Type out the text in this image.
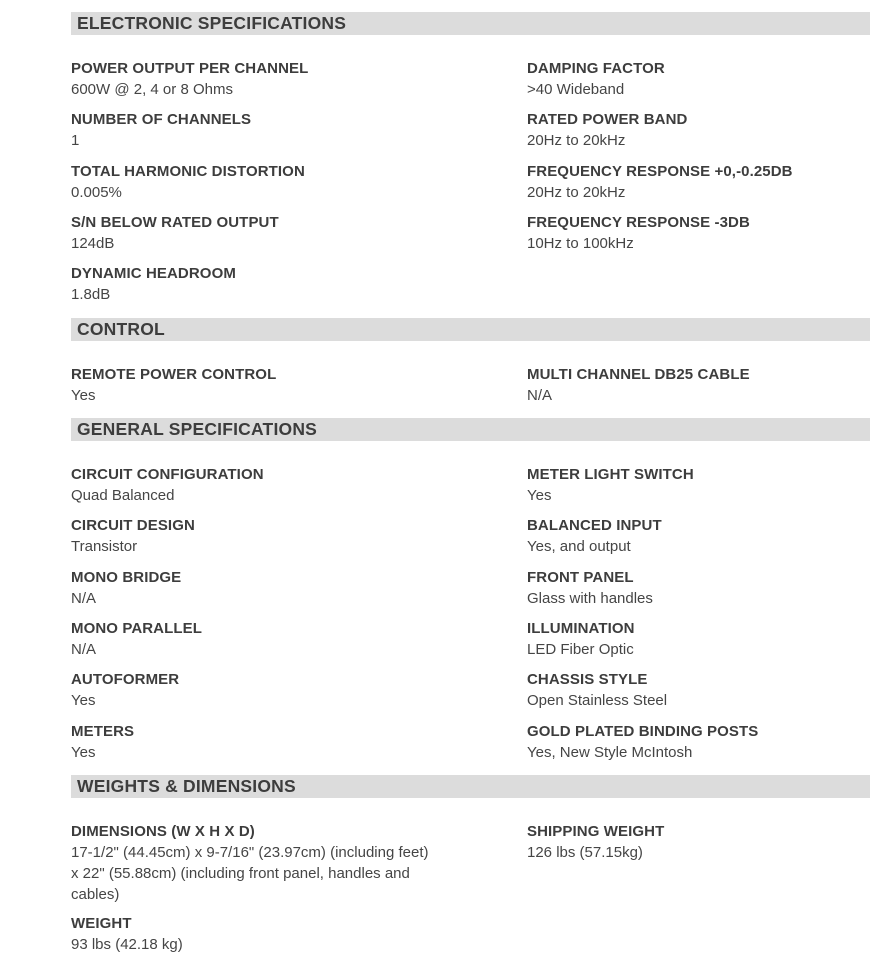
ELECTRONIC SPECIFICATIONS
POWER OUTPUT PER CHANNEL
600W @ 2, 4 or 8 Ohms
DAMPING FACTOR
>40 Wideband
NUMBER OF CHANNELS
1
RATED POWER BAND
20Hz to 20kHz
TOTAL HARMONIC DISTORTION
0.005%
FREQUENCY RESPONSE +0,-0.25DB
20Hz to 20kHz
S/N BELOW RATED OUTPUT
124dB
FREQUENCY RESPONSE -3DB
10Hz to 100kHz
DYNAMIC HEADROOM
1.8dB
CONTROL
REMOTE POWER CONTROL
Yes
MULTI CHANNEL DB25 CABLE
N/A
GENERAL SPECIFICATIONS
CIRCUIT CONFIGURATION
Quad Balanced
METER LIGHT SWITCH
Yes
CIRCUIT DESIGN
Transistor
BALANCED INPUT
Yes, and output
MONO BRIDGE
N/A
FRONT PANEL
Glass with handles
MONO PARALLEL
N/A
ILLUMINATION
LED Fiber Optic
AUTOFORMER
Yes
CHASSIS STYLE
Open Stainless Steel
METERS
Yes
GOLD PLATED BINDING POSTS
Yes, New Style McIntosh
WEIGHTS & DIMENSIONS
DIMENSIONS (W X H X D)
17-1/2" (44.45cm) x 9-7/16" (23.97cm) (including feet) x 22" (55.88cm) (including front panel, handles and cables)
SHIPPING WEIGHT
126 lbs (57.15kg)
WEIGHT
93 lbs (42.18 kg)
